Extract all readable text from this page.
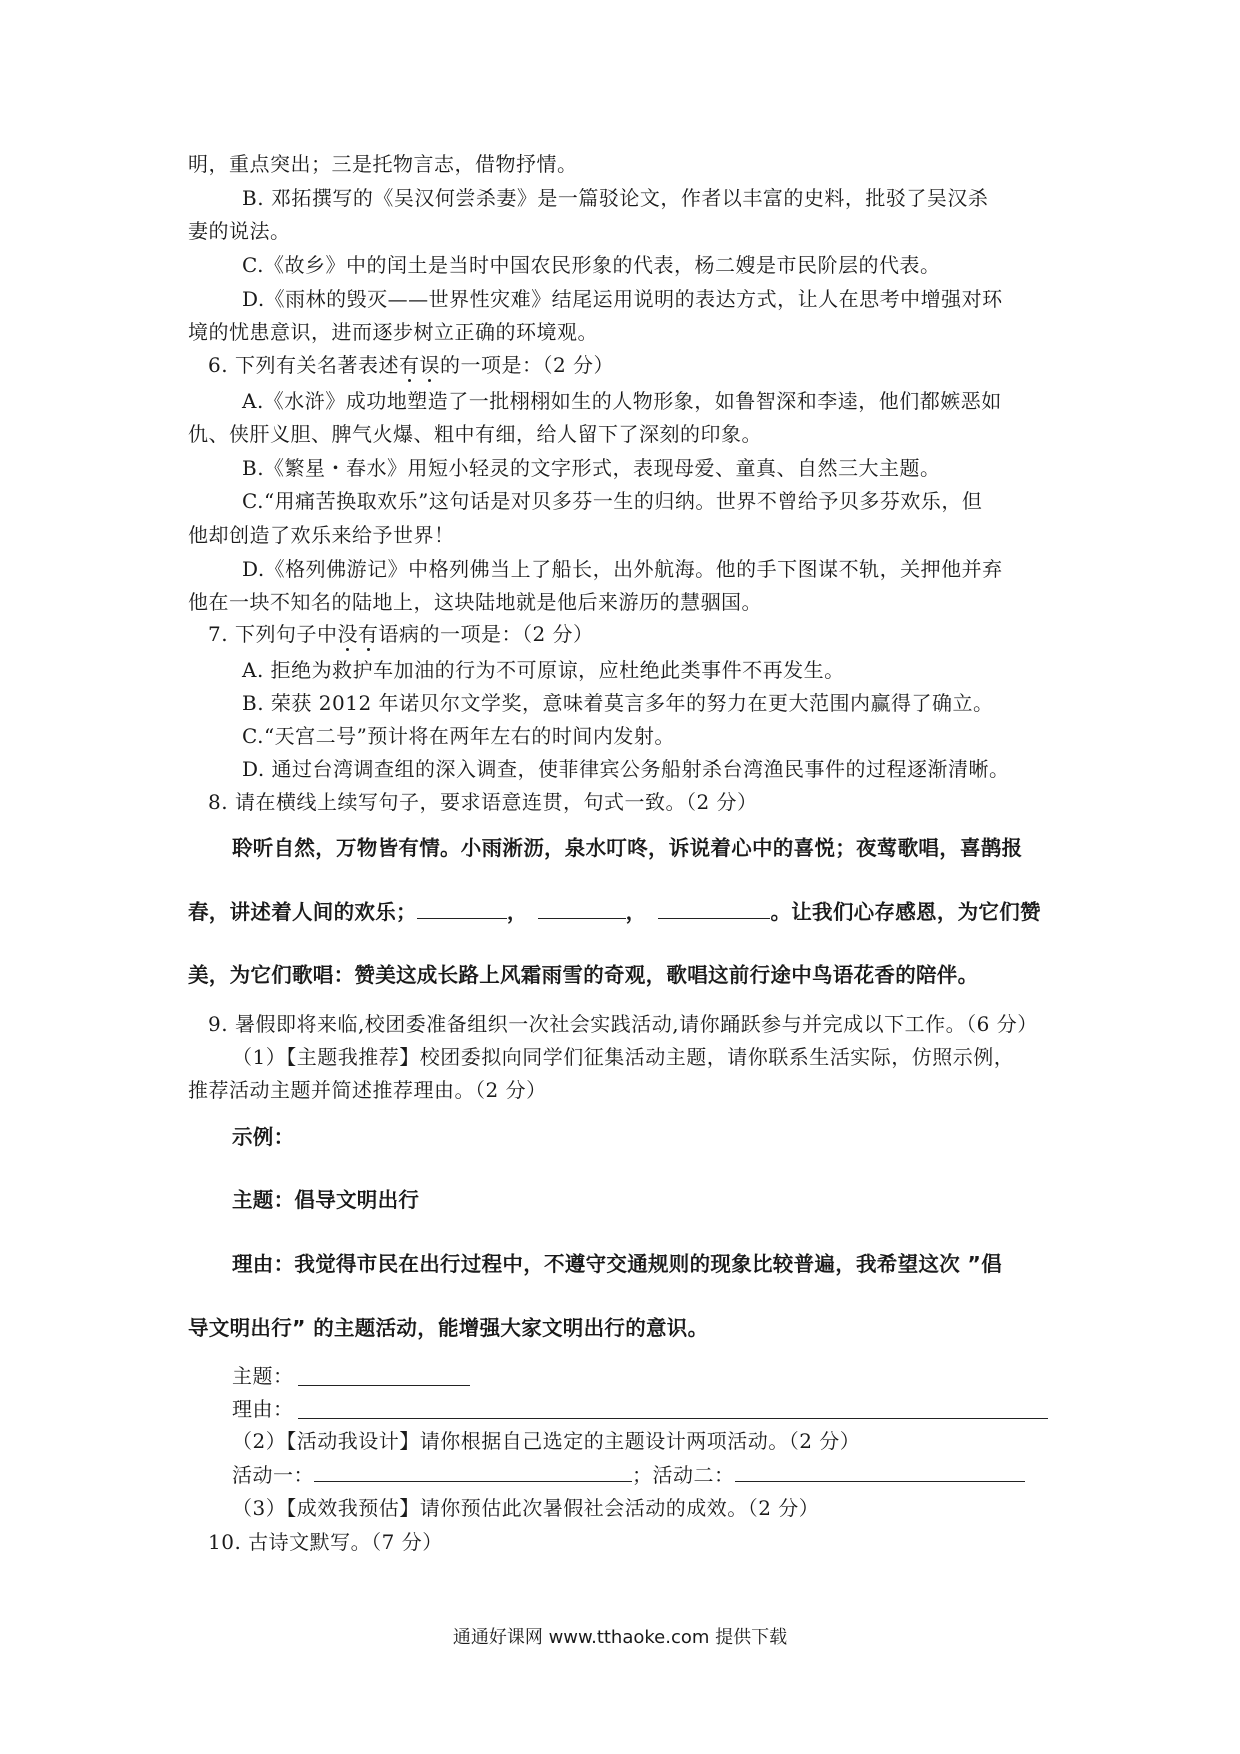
明，重点突出；三是托物言志，借物抒情。
B. 邓拓撰写的《吴汉何尝杀妻》是一篇驳论文，作者以丰富的史料，批驳了吴汉杀
妻的说法。
C.《故乡》中的闰土是当时中国农民形象的代表，杨二嫂是市民阶层的代表。
D.《雨林的毁灭——世界性灾难》结尾运用说明的表达方式，让人在思考中增强对环
境的忧患意识，进而逐步树立正确的环境观。
6. 下列有关名著表述有误的一项是：（2 分）
A.《水浒》成功地塑造了一批栩栩如生的人物形象，如鲁智深和李逵，他们都嫉恶如
仇、侠肝义胆、脾气火爆、粗中有细，给人留下了深刻的印象。
B.《繁星・春水》用短小轻灵的文字形式，表现母爱、童真、自然三大主题。
C.“用痛苦换取欢乐”这句话是对贝多芬一生的归纳。世界不曾给予贝多芬欢乐，但
他却创造了欢乐来给予世界！
D.《格列佛游记》中格列佛当上了船长，出外航海。他的手下图谋不轨，关押他并弃
他在一块不知名的陆地上，这块陆地就是他后来游历的慧骃国。
7. 下列句子中没有语病的一项是：（2 分）
A. 拒绝为救护车加油的行为不可原谅，应杜绝此类事件不再发生。
B. 荣获 2012 年诺贝尔文学奖，意味着莫言多年的努力在更大范围内赢得了确立。
C.“天宫二号”预计将在两年左右的时间内发射。
D. 通过台湾调查组的深入调查，使菲律宾公务船射杀台湾渔民事件的过程逐渐清晰。
8. 请在横线上续写句子，要求语意连贯，句式一致。（2 分）
聆听自然，万物皆有情。小雨淅沥，泉水叮咚，诉说着心中的喜悦；夜莺歌唱，喜鹊报
春，讲述着人间的欢乐；	，	，	。让我们心存感恩，为它们赞
美，为它们歌唱：赞美这成长路上风霜雨雪的奇观，歌唱这前行途中鸟语花香的陪伴。
9. 暑假即将来临,校团委准备组织一次社会实践活动,请你踊跃参与并完成以下工作。（6 分）
（1）【主题我推荐】校团委拟向同学们征集活动主题，请你联系生活实际，仿照示例，
推荐活动主题并简述推荐理由。（2 分）
示例：
主题：倡导文明出行
理由：我觉得市民在出行过程中，不遵守交通规则的现象比较普遍，我希望这次 ”倡
导文明出行” 的主题活动，能增强大家文明出行的意识。
主题：
理由：
（2）【活动我设计】请你根据自己选定的主题设计两项活动。（2 分）
活动一：	；活动二：
（3）【成效我预估】请你预估此次暑假社会活动的成效。（2 分）
10. 古诗文默写。（7 分）
通通好课网 www.tthaoke.com 提供下载
